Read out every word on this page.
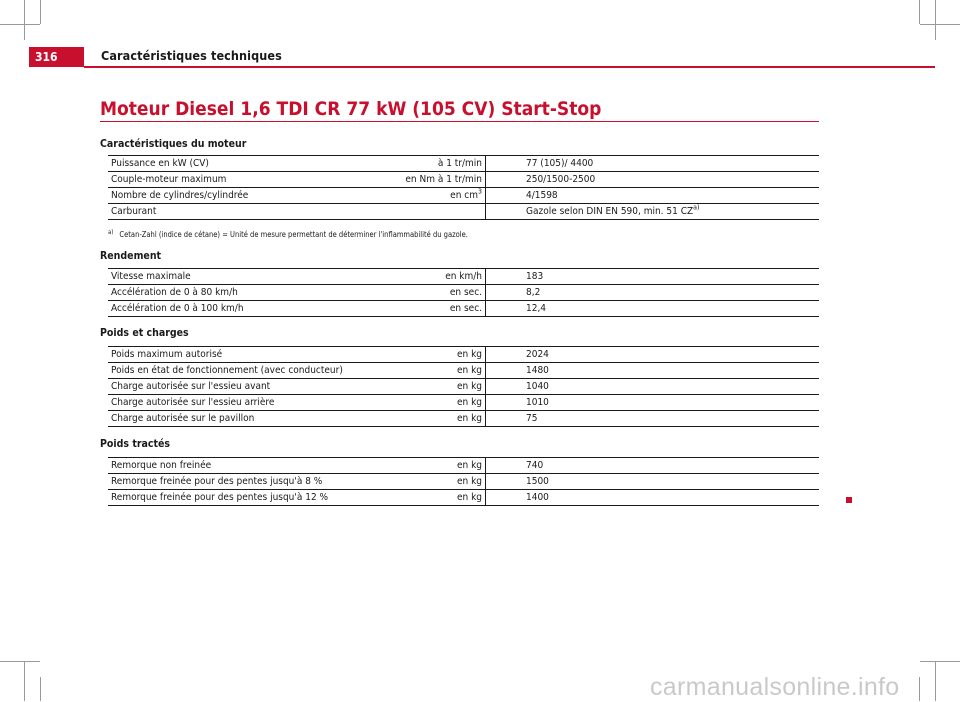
316	Caractéristiques techniques
Moteur Diesel 1,6 TDI CR 77 kW (105 CV) Start-Stop
Caractéristiques du moteur
Puissance en kW (CV)	à 1 tr/min	77 (105)/ 4400
Couple-moteur maximum	en Nm à 1 tr/min	250/1500-2500
Nombre de cylindres/cylindrée	en $cm^3$	4/1598
Carburant		Gazole selon DIN EN 590, min. 51 CZ$^{a)}$
$^{a)}$ Cetan-Zahl (indice de cétane) = Unité de mesure permettant de déterminer l'inflammabilité du gazole.
Rendement
Vitesse maximale	en km/h	183
Accélération de 0 à 80 km/h	en sec.	8,2
Accélération de 0 à 100 km/h	en sec.	12,4
Poids et charges
Poids maximum autorisé	en kg	2024
Poids en état de fonctionnement (avec conducteur)	en kg	1480
Charge autorisée sur l'essieu avant	en kg	1040
Charge autorisée sur l'essieu arrière	en kg	1010
Charge autorisée sur le pavillon	en kg	75
Poids tractés
Remorque non freinée	en kg	740
Remorque freinée pour des pentes jusqu'à 8 %	en kg	1500
Remorque freinée pour des pentes jusqu'à 12 %	en kg	1400
carmanualsonline.info
